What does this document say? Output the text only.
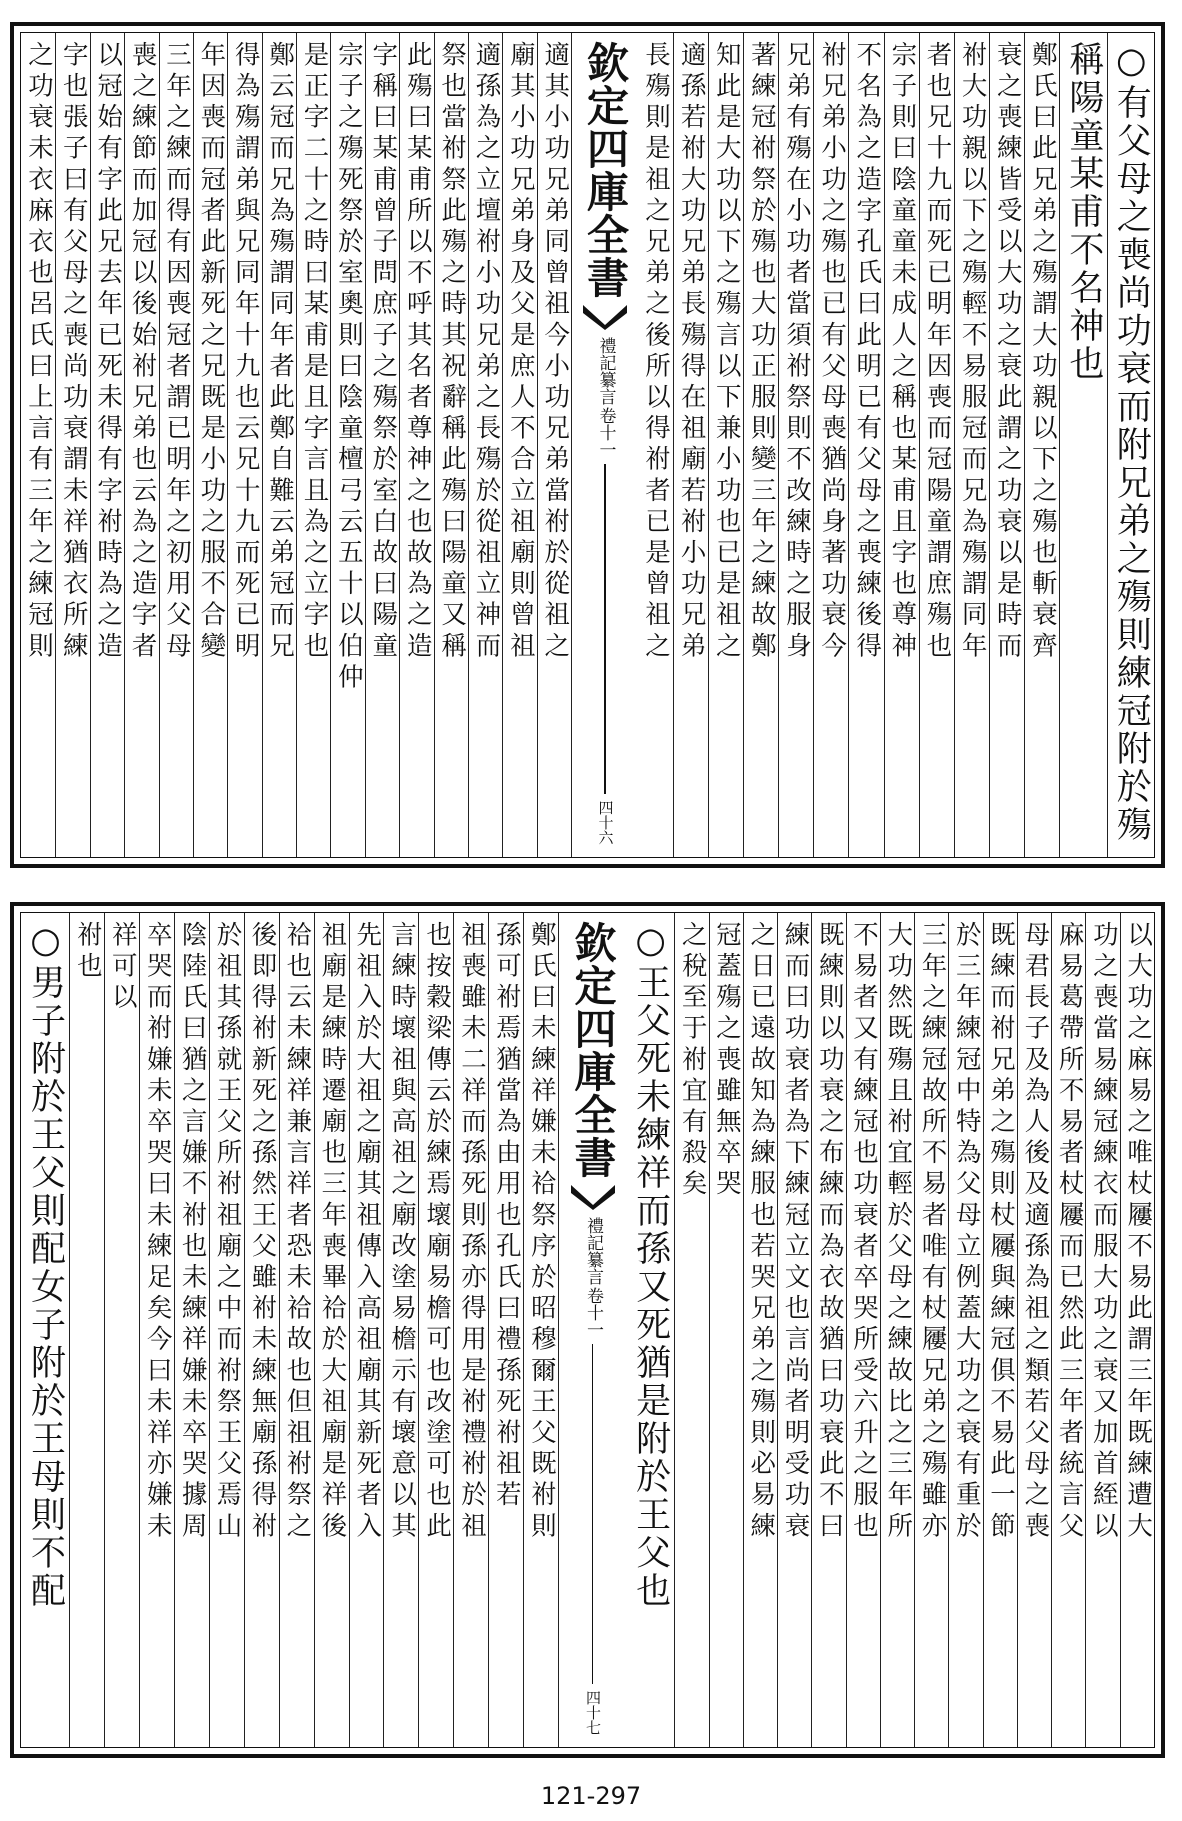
○有父母之喪尚功衰而附兄弟之殤則練冠附於殤
稱陽童某甫不名神也
鄭氏曰此兄弟之殤謂大功親以下之殤也斬衰齊
衰之喪練皆受以大功之衰此謂之功衰以是時而
祔大功親以下之殤輕不易服冠而兄為殤謂同年
者也兄十九而死已明年因喪而冠陽童謂庶殤也
宗子則曰陰童童未成人之稱也某甫且字也尊神
不名為之造字孔氏曰此明已有父母之喪練後得
祔兄弟小功之殤也已有父母喪猶尚身著功衰今
兄弟有殤在小功者當須祔祭則不改練時之服身
著練冠祔祭於殤也大功正服則變三年之練故鄭
知此是大功以下之殤言以下兼小功也已是祖之
適孫若祔大功兄弟長殤得在祖廟若祔小功兄弟
長殤則是祖之兄弟之後所以得祔者已是曾祖之
欽定四庫全書
禮記纂言
卷十一
四十六
適其小功兄弟同曾祖今小功兄弟當祔於從祖之
廟其小功兄弟身及父是庶人不合立祖廟則曾祖
適孫為之立壇祔小功兄弟之長殤於從祖立神而
祭也當祔祭此殤之時其祝辭稱此殤曰陽童又稱
此殤曰某甫所以不呼其名者尊神之也故為之造
字稱曰某甫曾子問庶子之殤祭於室白故曰陽童
宗子之殤死祭於室奧則曰陰童檀弓云五十以伯仲
是正字二十之時曰某甫是且字言且為之立字也
鄭云冠而兄為殤謂同年者此鄭自難云弟冠而兄
得為殤謂弟與兄同年十九也云兄十九而死已明
年因喪而冠者此新死之兄既是小功之服不合變
三年之練而得有因喪冠者謂已明年之初用父母
喪之練節而加冠以後始祔兄弟也云為之造字者
以冠始有字此兄去年已死未得有字祔時為之造
字也張子曰有父母之喪尚功衰謂未祥猶衣所練
之功衰未衣麻衣也呂氏曰上言有三年之練冠則
以大功之麻易之唯杖屨不易此謂三年既練遭大
功之喪當易練冠練衣而服大功之衰又加首絰以
麻易葛帶所不易者杖屨而已然此三年者統言父
母君長子及為人後及適孫為祖之類若父母之喪
既練而祔兄弟之殤則杖屨與練冠俱不易此一節
於三年練冠中特為父母立例蓋大功之衰有重於
三年之練冠故所不易者唯有杖屨兄弟之殤雖亦
大功然既殤且祔宜輕於父母之練故比之三年所
不易者又有練冠也功衰者卒哭所受六升之服也
既練則以功衰之布練而為衣故猶曰功衰此不曰
練而曰功衰者為下練冠立文也言尚者明受功衰
之日已遠故知為練服也若哭兄弟之殤則必易練
冠蓋殤之喪雖無卒哭
之稅至于祔宜有殺矣
○王父死未練祥而孫又死猶是附於王父也
欽定四庫全書
禮記纂言
卷十一
四十七
鄭氏曰未練祥嫌未祫祭序於昭穆爾王父既祔則
孫可祔焉猶當為由用也孔氏曰禮孫死祔祖若
祖喪雖未二祥而孫死則孫亦得用是祔禮祔於祖
也按穀梁傳云於練焉壞廟易檐可也改塗可也此
言練時壞祖與高祖之廟改塗易檐示有壞意以其
先祖入於大祖之廟其祖傳入高祖廟其新死者入
祖廟是練時遷廟也三年喪畢祫於大祖廟是祥後
祫也云未練祥兼言祥者恐未祫故也但祖祔祭之
後即得祔新死之孫然王父雖祔未練無廟孫得祔
於祖其孫就王父所祔祖廟之中而祔祭王父焉山
陰陸氏曰猶之言嫌不祔也未練祥嫌未卒哭據周
卒哭而祔嫌未卒哭曰未練足矣今曰未祥亦嫌未
祥可以
祔也
○男子附於王父則配女子附於王母則不配
121-297
